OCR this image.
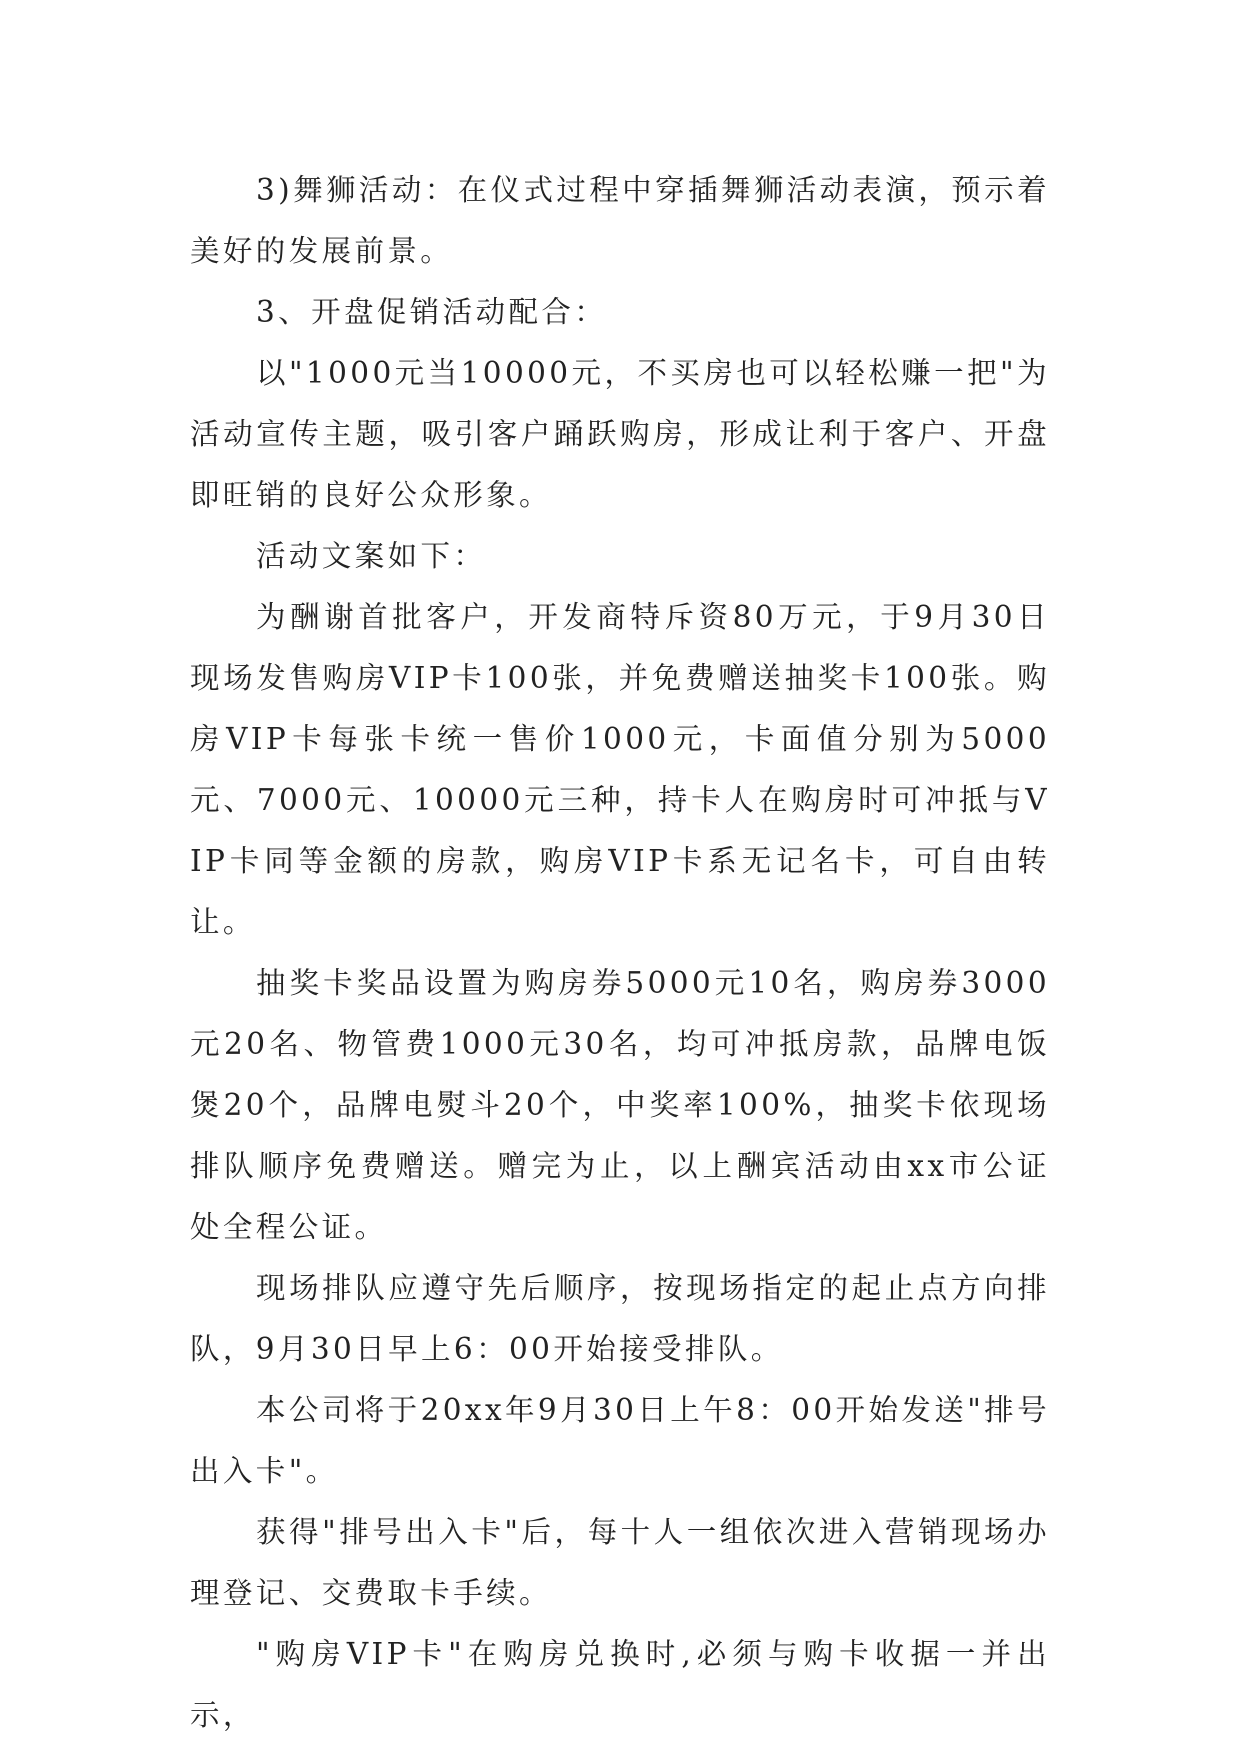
3)舞狮活动：在仪式过程中穿插舞狮活动表演，预示着美好的发展前景。

3、开盘促销活动配合：

以"1000元当10000元，不买房也可以轻松赚一把"为活动宣传主题，吸引客户踊跃购房，形成让利于客户、开盘即旺销的良好公众形象。

活动文案如下：

为酬谢首批客户，开发商特斥资80万元，于9月30日现场发售购房VIP卡100张，并免费赠送抽奖卡100张。购房VIP卡每张卡统一售价1000元，卡面值分别为5000元、7000元、10000元三种，持卡人在购房时可冲抵与VIP卡同等金额的房款，购房VIP卡系无记名卡，可自由转让。

抽奖卡奖品设置为购房券5000元10名，购房券3000元20名、物管费1000元30名，均可冲抵房款，品牌电饭煲20个，品牌电熨斗20个，中奖率100%，抽奖卡依现场排队顺序免费赠送。赠完为止，以上酬宾活动由xx市公证处全程公证。

现场排队应遵守先后顺序，按现场指定的起止点方向排队，9月30日早上6：00开始接受排队。

本公司将于20xx年9月30日上午8：00开始发送"排号出入卡"。

获得"排号出入卡"后，每十人一组依次进入营销现场办理登记、交费取卡手续。

"购房VIP卡"在购房兑换时,必须与购卡收据一并出示，
